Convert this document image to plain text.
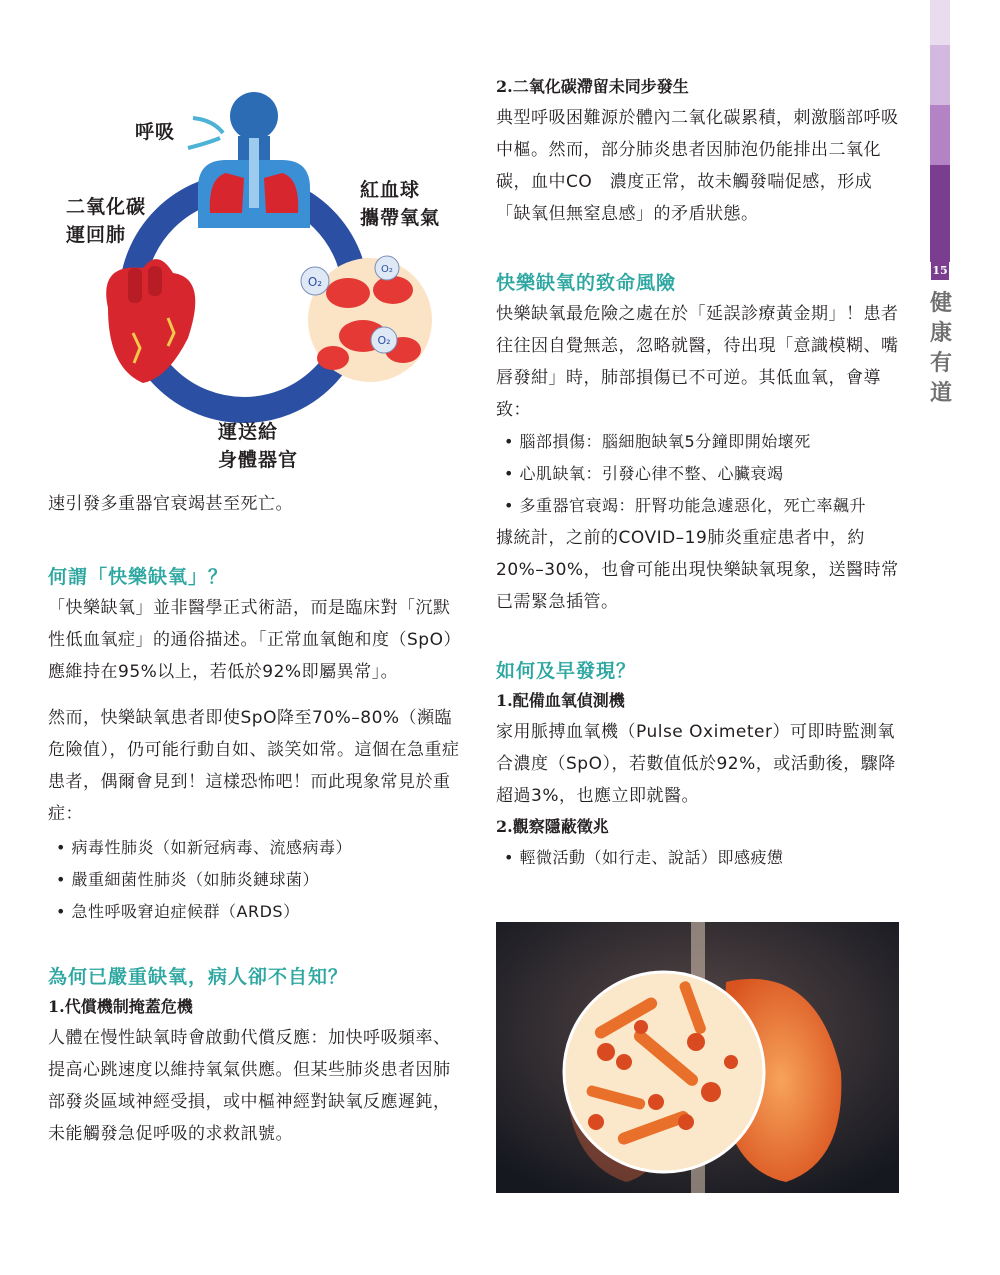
15
健康有道
O₂
O₂
O₂
呼吸
二氧化碳
運回肺
紅血球
攜帶氧氣
運送給
身體器官

速引發多重器官衰竭甚至死亡。

何謂「快樂缺氧」？

「快樂缺氧」並非醫學正式術語，而是臨床對「沉默性低血氧症」的通俗描述。「正常血氧飽和度（SpO）應維持在95%以上，若低於92%即屬異常」。

然而，快樂缺氧患者即使SpO降至70%–80%（瀕臨危險值），仍可能行動自如、談笑如常。這個在急重症患者，偶爾會見到！這樣恐怖吧！而此現象常見於重症：

• 病毒性肺炎（如新冠病毒、流感病毒）
• 嚴重細菌性肺炎（如肺炎鏈球菌）
• 急性呼吸窘迫症候群（ARDS）
為何已嚴重缺氧，病人卻不自知？
1.代償機制掩蓋危機

人體在慢性缺氧時會啟動代償反應：加快呼吸頻率、提高心跳速度以維持氧氣供應。但某些肺炎患者因肺部發炎區域神經受損，或中樞神經對缺氧反應遲鈍，未能觸發急促呼吸的求救訊號。

2.二氧化碳滯留未同步發生

典型呼吸困難源於體內二氧化碳累積，刺激腦部呼吸中樞。然而，部分肺炎患者因肺泡仍能排出二氧化碳，血中CO　濃度正常，故未觸發喘促感，形成「缺氧但無窒息感」的矛盾狀態。

快樂缺氧的致命風險

快樂缺氧最危險之處在於「延誤診療黃金期」！患者往往因自覺無恙，忽略就醫，待出現「意識模糊、嘴唇發紺」時，肺部損傷已不可逆。其低血氧，會導致：

• 腦部損傷：腦細胞缺氧5分鐘即開始壞死
• 心肌缺氧：引發心律不整、心臟衰竭
• 多重器官衰竭：肝腎功能急遽惡化，死亡率飆升

據統計，之前的COVID–19肺炎重症患者中，約20%–30%，也會可能出現快樂缺氧現象，送醫時常已需緊急插管。

如何及早發現？
1.配備血氧偵測機

家用脈搏血氧機（Pulse Oximeter）可即時監測氧合濃度（SpO），若數值低於92%，或活動後，驟降超過3%，也應立即就醫。

2.觀察隱蔽徵兆
• 輕微活動（如行走、說話）即感疲憊
